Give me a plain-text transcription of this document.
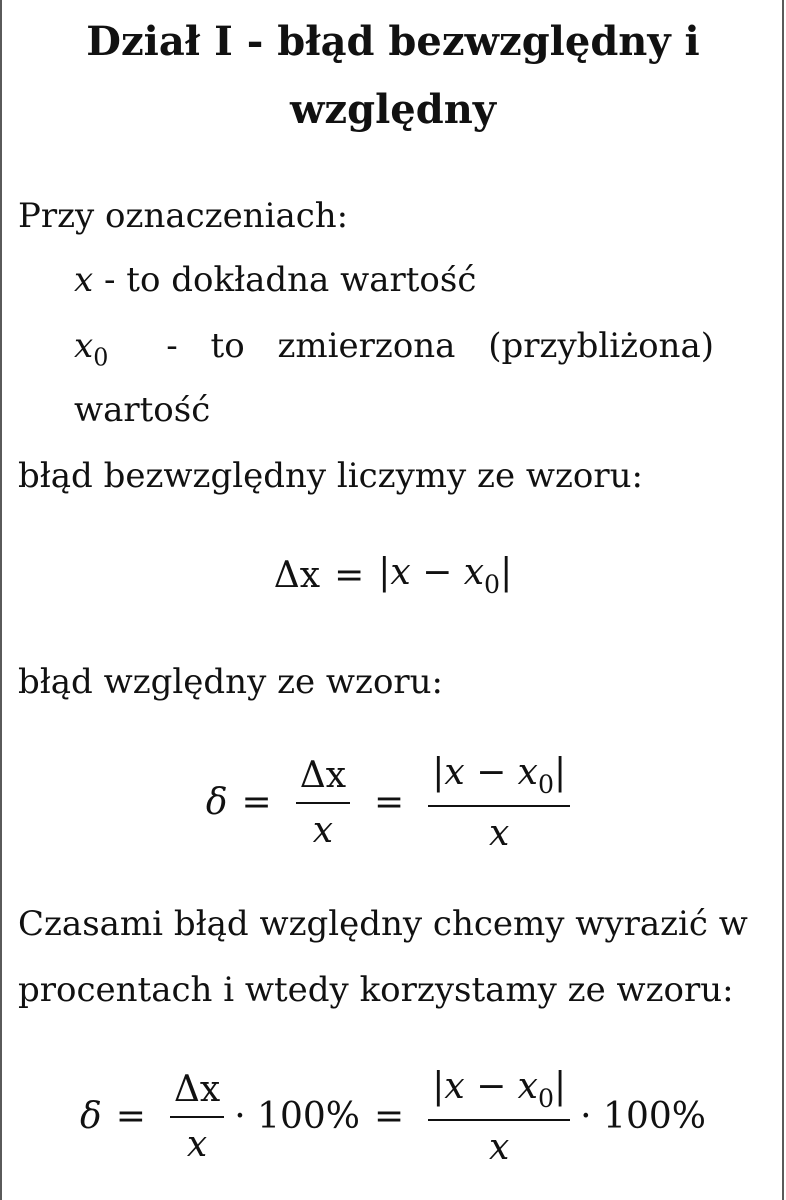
Dział I - błąd bezwzględny i
względny
Przy oznaczeniach:
x - to dokładna wartość
$x_0$ - to zmierzona (przybliżona)
wartość
błąd bezwzględny liczymy ze wzoru:
$\Delta x = |x - x_0|$
błąd względny ze wzoru:
$\delta = \frac{\Delta x}{x} = \frac{|x - x_0|}{x}$
Czasami błąd względny chcemy wyrazić w
procentach i wtedy korzystamy ze wzoru:
$\delta = \frac{\Delta x}{x} \cdot 100\% = \frac{|x - x_0|}{x} \cdot 100\%$
